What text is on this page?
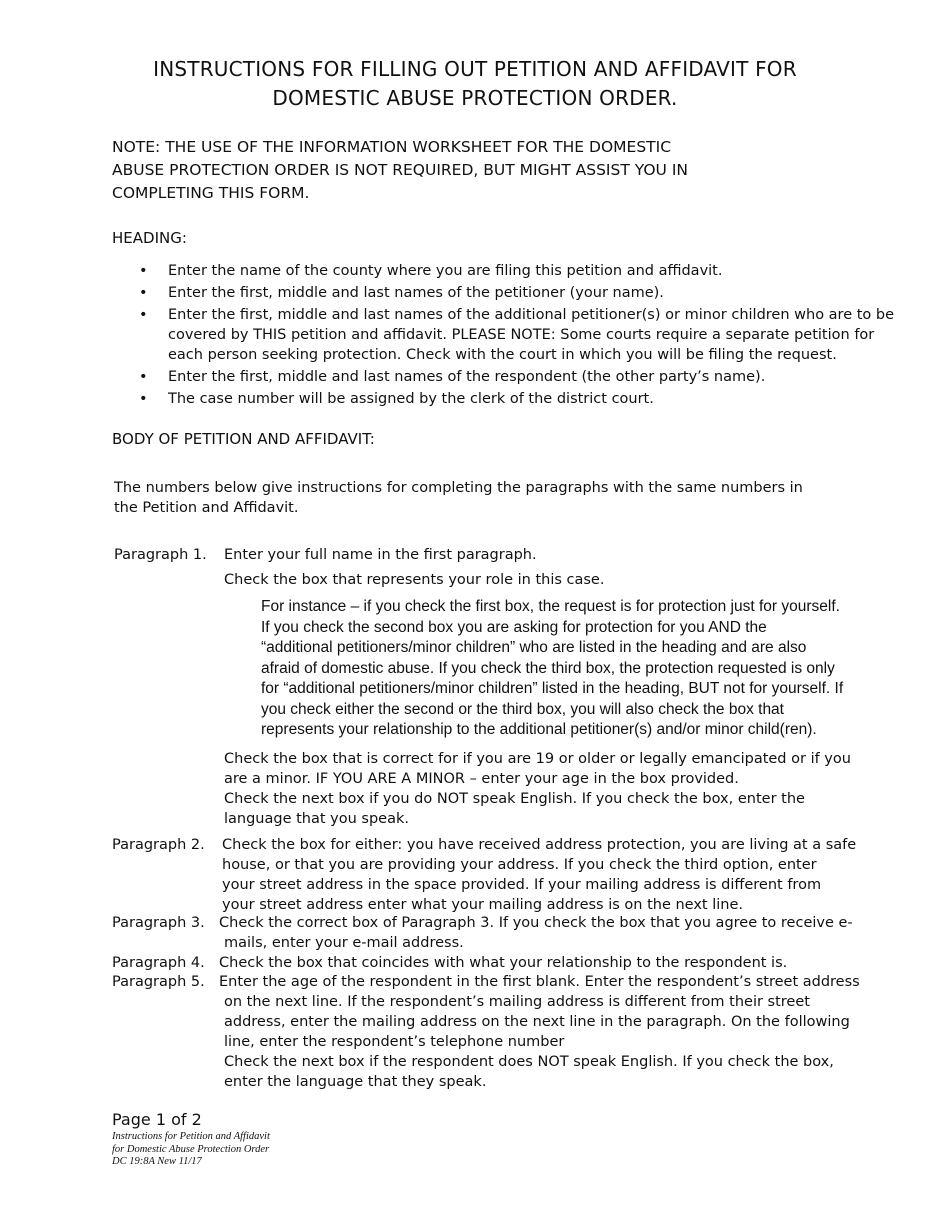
INSTRUCTIONS FOR FILLING OUT PETITION AND AFFIDAVIT FOR
DOMESTIC ABUSE PROTECTION ORDER.
NOTE: THE USE OF THE INFORMATION WORKSHEET FOR THE DOMESTIC
ABUSE PROTECTION ORDER IS NOT REQUIRED, BUT MIGHT ASSIST YOU IN
COMPLETING THIS FORM.
HEADING:
• Enter the name of the county where you are filing this petition and affidavit.
• Enter the first, middle and last names of the petitioner (your name).
• Enter the first, middle and last names of the additional petitioner(s) or minor children who are to be covered by THIS petition and affidavit. PLEASE NOTE: Some courts require a separate petition for each person seeking protection. Check with the court in which you will be filing the request.
• Enter the first, middle and last names of the respondent (the other party’s name).
• The case number will be assigned by the clerk of the district court.
BODY OF PETITION AND AFFIDAVIT:
The numbers below give instructions for completing the paragraphs with the same numbers in
the Petition and Affidavit.
Paragraph 1. Enter your full name in the first paragraph.
Check the box that represents your role in this case.
For instance – if you check the first box, the request is for protection just for yourself.
If you check the second box you are asking for protection for you AND the
“additional petitioners/minor children” who are listed in the heading and are also
afraid of domestic abuse. If you check the third box, the protection requested is only
for “additional petitioners/minor children” listed in the heading, BUT not for yourself. If
you check either the second or the third box, you will also check the box that
represents your relationship to the additional petitioner(s) and/or minor child(ren).
Check the box that is correct for if you are 19 or older or legally emancipated or if you
are a minor. IF YOU ARE A MINOR – enter your age in the box provided.
Check the next box if you do NOT speak English. If you check the box, enter the
language that you speak.
Paragraph 2. Check the box for either: you have received address protection, you are living at a safe
house, or that you are providing your address. If you check the third option, enter
your street address in the space provided. If your mailing address is different from
your street address enter what your mailing address is on the next line.
Paragraph 3. Check the correct box of Paragraph 3. If you check the box that you agree to receive e-
mails, enter your e-mail address.
Paragraph 4. Check the box that coincides with what your relationship to the respondent is.
Paragraph 5. Enter the age of the respondent in the first blank. Enter the respondent’s street address
on the next line. If the respondent’s mailing address is different from their street
address, enter the mailing address on the next line in the paragraph. On the following
line, enter the respondent’s telephone number
Check the next box if the respondent does NOT speak English. If you check the box,
enter the language that they speak.
Page 1 of 2
Instructions for Petition and Affidavit
for Domestic Abuse Protection Order
DC 19:8A New 11/17
